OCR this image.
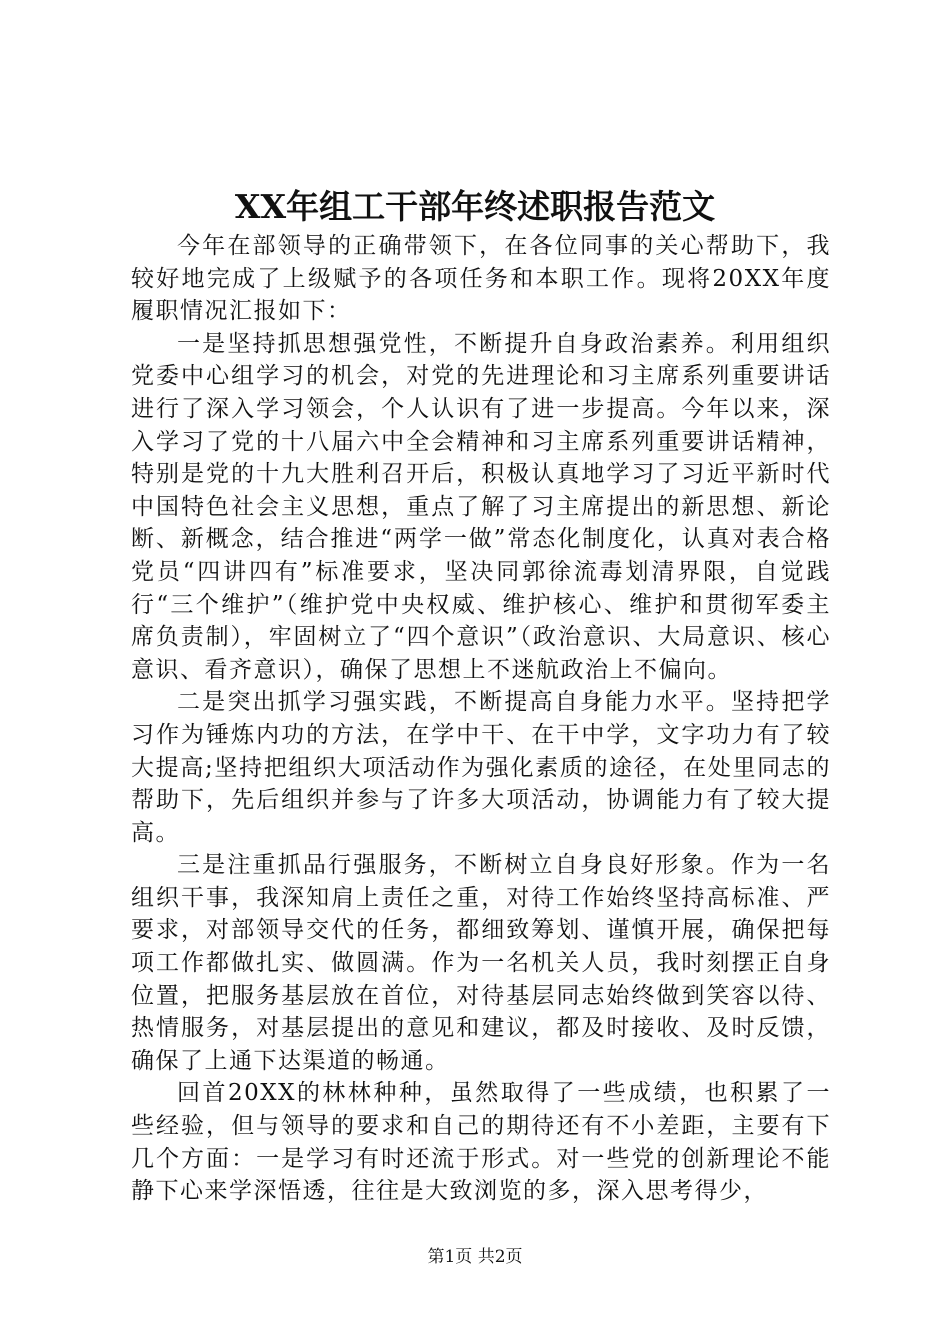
XX年组工干部年终述职报告范文

今年在部领导的正确带领下，在各位同事的关心帮助下，我较好地完成了上级赋予的各项任务和本职工作。现将20XX年度履职情况汇报如下：

一是坚持抓思想强党性，不断提升自身政治素养。利用组织党委中心组学习的机会，对党的先进理论和习主席系列重要讲话进行了深入学习领会，个人认识有了进一步提高。今年以来，深入学习了党的十八届六中全会精神和习主席系列重要讲话精神，特别是党的十九大胜利召开后，积极认真地学习了习近平新时代中国特色社会主义思想，重点了解了习主席提出的新思想、新论断、新概念，结合推进“两学一做”常态化制度化，认真对表合格党员“四讲四有”标准要求，坚决同郭徐流毒划清界限，自觉践行“三个维护”（维护党中央权威、维护核心、维护和贯彻军委主席负责制），牢固树立了“四个意识”（政治意识、大局意识、核心意识、看齐意识），确保了思想上不迷航政治上不偏向。

二是突出抓学习强实践，不断提高自身能力水平。坚持把学习作为锤炼内功的方法，在学中干、在干中学，文字功力有了较大提高;坚持把组织大项活动作为强化素质的途径，在处里同志的帮助下，先后组织并参与了许多大项活动，协调能力有了较大提高。

三是注重抓品行强服务，不断树立自身良好形象。作为一名组织干事，我深知肩上责任之重，对待工作始终坚持高标准、严要求，对部领导交代的任务，都细致筹划、谨慎开展，确保把每项工作都做扎实、做圆满。作为一名机关人员，我时刻摆正自身位置，把服务基层放在首位，对待基层同志始终做到笑容以待、热情服务，对基层提出的意见和建议，都及时接收、及时反馈，确保了上通下达渠道的畅通。

回首20XX的林林种种，虽然取得了一些成绩，也积累了一些经验，但与领导的要求和自己的期待还有不小差距，主要有下几个方面：一是学习有时还流于形式。对一些党的创新理论不能静下心来学深悟透，往往是大致浏览的多，深入思考得少，

第1页 共2页
